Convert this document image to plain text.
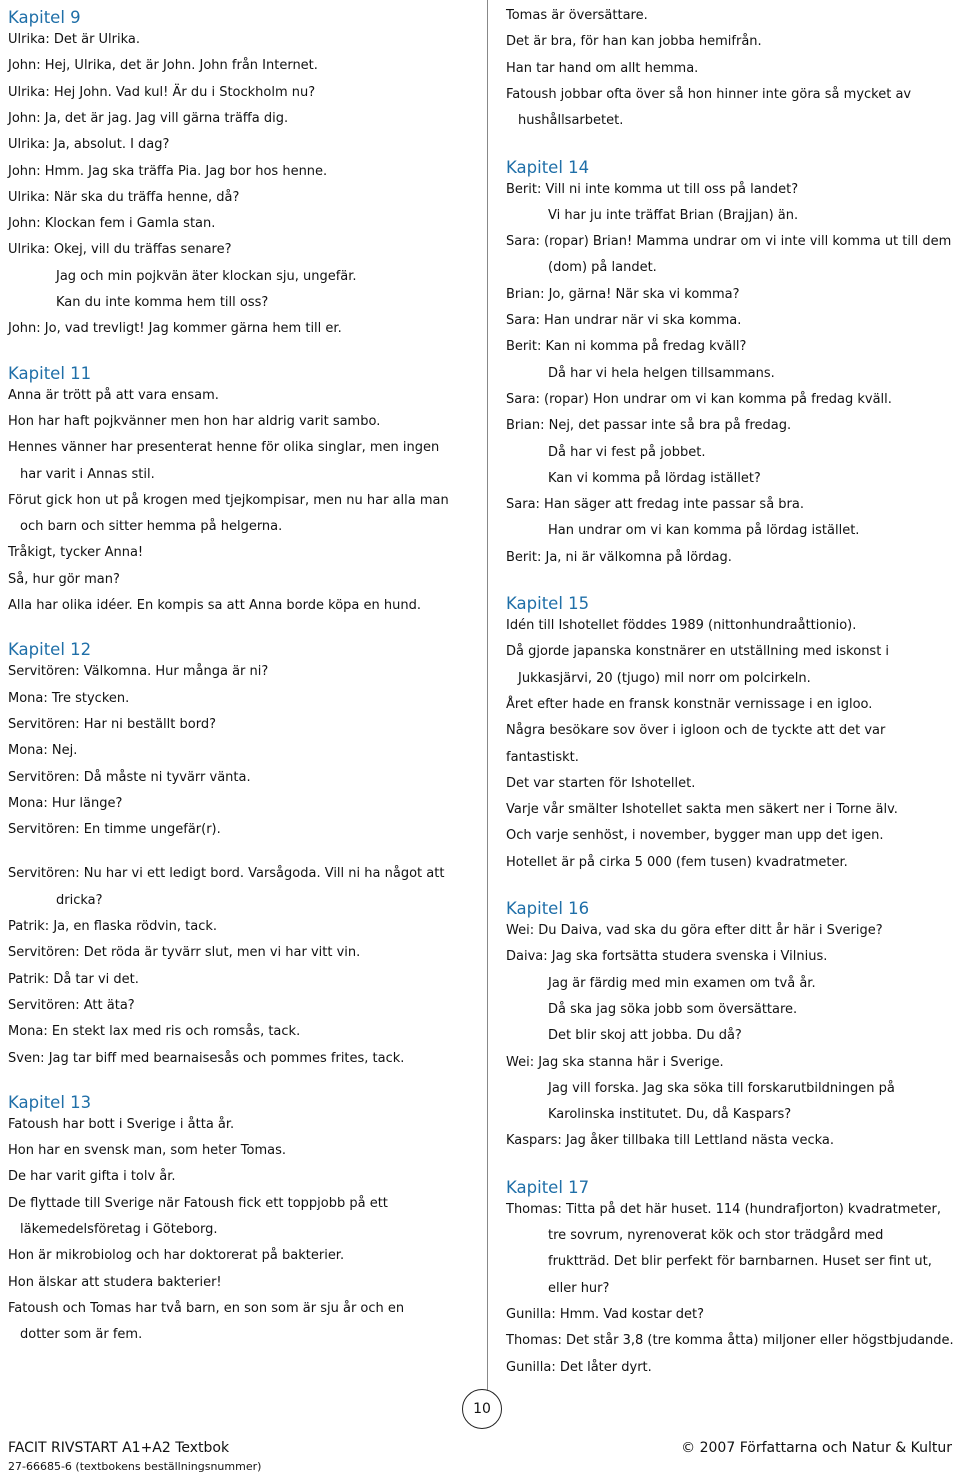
Kapitel 9
Ulrika: Det är Ulrika.
John: Hej, Ulrika, det är John. John från Internet.
Ulrika: Hej John. Vad kul! Är du i Stockholm nu?
John: Ja, det är jag. Jag vill gärna träffa dig.
Ulrika: Ja, absolut. I dag?
John: Hmm. Jag ska träffa Pia. Jag bor hos henne.
Ulrika: När ska du träffa henne, då?
John: Klockan fem i Gamla stan.
Ulrika: Okej, vill du träffas senare?
Jag och min pojkvän äter klockan sju, ungefär.
Kan du inte komma hem till oss?
John: Jo, vad trevligt! Jag kommer gärna hem till er.
Kapitel 11
Anna är trött på att vara ensam.
Hon har haft pojkvänner men hon har aldrig varit sambo.
Hennes vänner har presenterat henne för olika singlar, men ingen
har varit i Annas stil.
Förut gick hon ut på krogen med tjejkompisar, men nu har alla man
och barn och sitter hemma på helgerna.
Tråkigt, tycker Anna!
Så, hur gör man?
Alla har olika idéer. En kompis sa att Anna borde köpa en hund.
Kapitel 12
Servitören: Välkomna. Hur många är ni?
Mona: Tre stycken.
Servitören: Har ni beställt bord?
Mona: Nej.
Servitören: Då måste ni tyvärr vänta.
Mona: Hur länge?
Servitören: En timme ungefär(r).
Servitören: Nu har vi ett ledigt bord. Varsågoda. Vill ni ha något att
dricka?
Patrik: Ja, en flaska rödvin, tack.
Servitören: Det röda är tyvärr slut, men vi har vitt vin.
Patrik: Då tar vi det.
Servitören: Att äta?
Mona: En stekt lax med ris och romsås, tack.
Sven: Jag tar biff med bearnaisesås och pommes frites, tack.
Kapitel 13
Fatoush har bott i Sverige i åtta år.
Hon har en svensk man, som heter Tomas.
De har varit gifta i tolv år.
De flyttade till Sverige när Fatoush fick ett toppjobb på ett
läkemedelsföretag i Göteborg.
Hon är mikrobiolog och har doktorerat på bakterier.
Hon älskar att studera bakterier!
Fatoush och Tomas har två barn, en son som är sju år och en
dotter som är fem.
Tomas är översättare.
Det är bra, för han kan jobba hemifrån.
Han tar hand om allt hemma.
Fatoush jobbar ofta över så hon hinner inte göra så mycket av
hushållsarbetet.
Kapitel 14
Berit: Vill ni inte komma ut till oss på landet?
Vi har ju inte träffat Brian (Brajjan) än.
Sara: (ropar) Brian! Mamma undrar om vi inte vill komma ut till dem
(dom) på landet.
Brian: Jo, gärna! När ska vi komma?
Sara: Han undrar när vi ska komma.
Berit: Kan ni komma på fredag kväll?
Då har vi hela helgen tillsammans.
Sara: (ropar) Hon undrar om vi kan komma på fredag kväll.
Brian: Nej, det passar inte så bra på fredag.
Då har vi fest på jobbet.
Kan vi komma på lördag istället?
Sara: Han säger att fredag inte passar så bra.
Han undrar om vi kan komma på lördag istället.
Berit: Ja, ni är välkomna på lördag.
Kapitel 15
Idén till Ishotellet föddes 1989 (nittonhundraåttionio).
Då gjorde japanska konstnärer en utställning med iskonst i
Jukkasjärvi, 20 (tjugo) mil norr om polcirkeln.
Året efter hade en fransk konstnär vernissage i en igloo.
Några besökare sov över i igloon och de tyckte att det var
fantastiskt.
Det var starten för Ishotellet.
Varje vår smälter Ishotellet sakta men säkert ner i Torne älv.
Och varje senhöst, i november, bygger man upp det igen.
Hotellet är på cirka 5 000 (fem tusen) kvadratmeter.
Kapitel 16
Wei: Du Daiva, vad ska du göra efter ditt år här i Sverige?
Daiva: Jag ska fortsätta studera svenska i Vilnius.
Jag är färdig med min examen om två år.
Då ska jag söka jobb som översättare.
Det blir skoj att jobba. Du då?
Wei: Jag ska stanna här i Sverige.
Jag vill forska. Jag ska söka till forskarutbildningen på
Karolinska institutet. Du, då Kaspars?
Kaspars: Jag åker tillbaka till Lettland nästa vecka.
Kapitel 17
Thomas: Titta på det här huset. 114 (hundrafjorton) kvadratmeter,
tre sovrum, nyrenoverat kök och stor trädgård med
fruktträd. Det blir perfekt för barnbarnen. Huset ser fint ut,
eller hur?
Gunilla: Hmm. Vad kostar det?
Thomas: Det står 3,8 (tre komma åtta) miljoner eller högstbjudande.
Gunilla: Det låter dyrt.
10
FACIT RIVSTART A1+A2 Textbok
27-66685-6 (textbokens beställningsnummer)
© 2007 Författarna och Natur & Kultur
